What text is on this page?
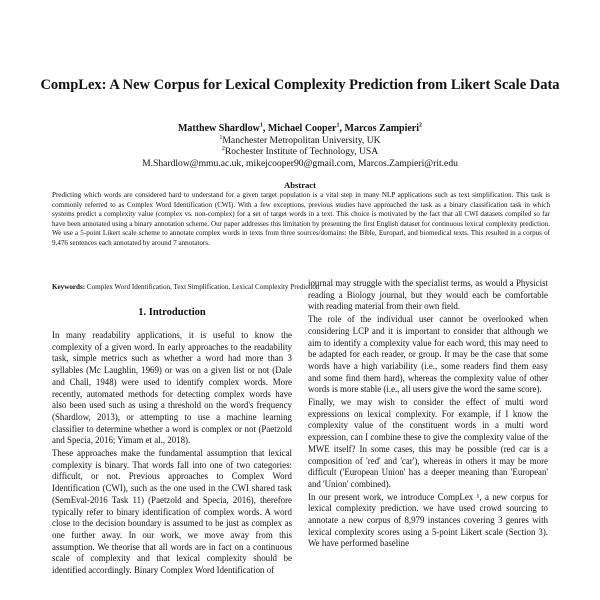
CompLex: A New Corpus for Lexical Complexity Prediction from Likert Scale Data
Matthew Shardlow$^1$, Michael Cooper$^1$, Marcos Zampieri$^2$
$^1$Manchester Metropolitan University, UK
$^2$Rochester Institute of Technology, USA
M.Shardlow@mmu.ac.uk, mikejcooper90@gmail.com, Marcos.Zampieri@rit.edu
Abstract
Predicting which words are considered hard to understand for a given target population is a vital step in many NLP applications such as text simplification. This task is commonly referred to as Complex Word Identification (CWI). With a few exceptions, previous studies have approached the task as a binary classification task in which systems predict a complexity value (complex vs. non-complex) for a set of target words in a text. This choice is motivated by the fact that all CWI datasets compiled so far have been annotated using a binary annotation scheme. Our paper addresses this limitation by presenting the first English dataset for continuous lexical complexity prediction. We use a 5-point Likert scale scheme to annotate complex words in texts from three sources/domains: the Bible, Europarl, and biomedical texts. This resulted in a corpus of 9,476 sentences each annotated by around 7 annotators.
Keywords: Complex Word Identification, Text Simplification, Lexical Complexity Prediction
1. Introduction

In many readability applications, it is useful to know the complexity of a given word. In early approaches to the readability task, simple metrics such as whether a word had more than 3 syllables (Mc Laughlin, 1969) or was on a given list or not (Dale and Chall, 1948) were used to identify complex words. More recently, automated methods for detecting complex words have also been used such as using a threshold on the word's frequency (Shardlow, 2013), or attempting to use a machine learning classifier to determine whether a word is complex or not (Paetzold and Specia, 2016; Yimam et al., 2018).

These approaches make the fundamental assumption that lexical complexity is binary. That words fall into one of two categories: difficult, or not. Previous approaches to Complex Word Identification (CWI), such as the one used in the CWI shared task (SemEval-2016 Task 11) (Paetzold and Specia, 2016), therefore typically refer to binary identification of complex words. A word close to the decision boundary is assumed to be just as complex as one further away. In our work, we move away from this assumption. We theorise that all words are in fact on a continuous scale of complexity and that lexical complexity should be identified accordingly. Binary Complex Word Identification of

journal may struggle with the specialist terms, as would a Physicist reading a Biology journal, but they would each be comfortable with reading material from their own field.

The role of the individual user cannot be overlooked when considering LCP and it is important to consider that although we aim to identify a complexity value for each word, this may need to be adapted for each reader, or group. It may be the case that some words have a high variability (i.e., some readers find them easy and some find them hard), whereas the complexity value of other words is more stable (i.e., all users give the word the same score).

Finally, we may wish to consider the effect of multi word expressions on lexical complexity. For example, if I know the complexity value of the constituent words in a multi word expression, can I combine these to give the complexity value of the MWE itself? In some cases, this may be possible (red car is a composition of 'red' and 'car'), whereas in others it may be more difficult ('European Union' has a deeper meaning than 'European' and 'Union' combined).

In our present work, we introduce CompLex ¹, a new corpus for lexical complexity prediction. we have used crowd sourcing to annotate a new corpus of 8,979 instances covering 3 genres with lexical complexity scores using a 5-point Likert scale (Section 3). We have performed baseline
